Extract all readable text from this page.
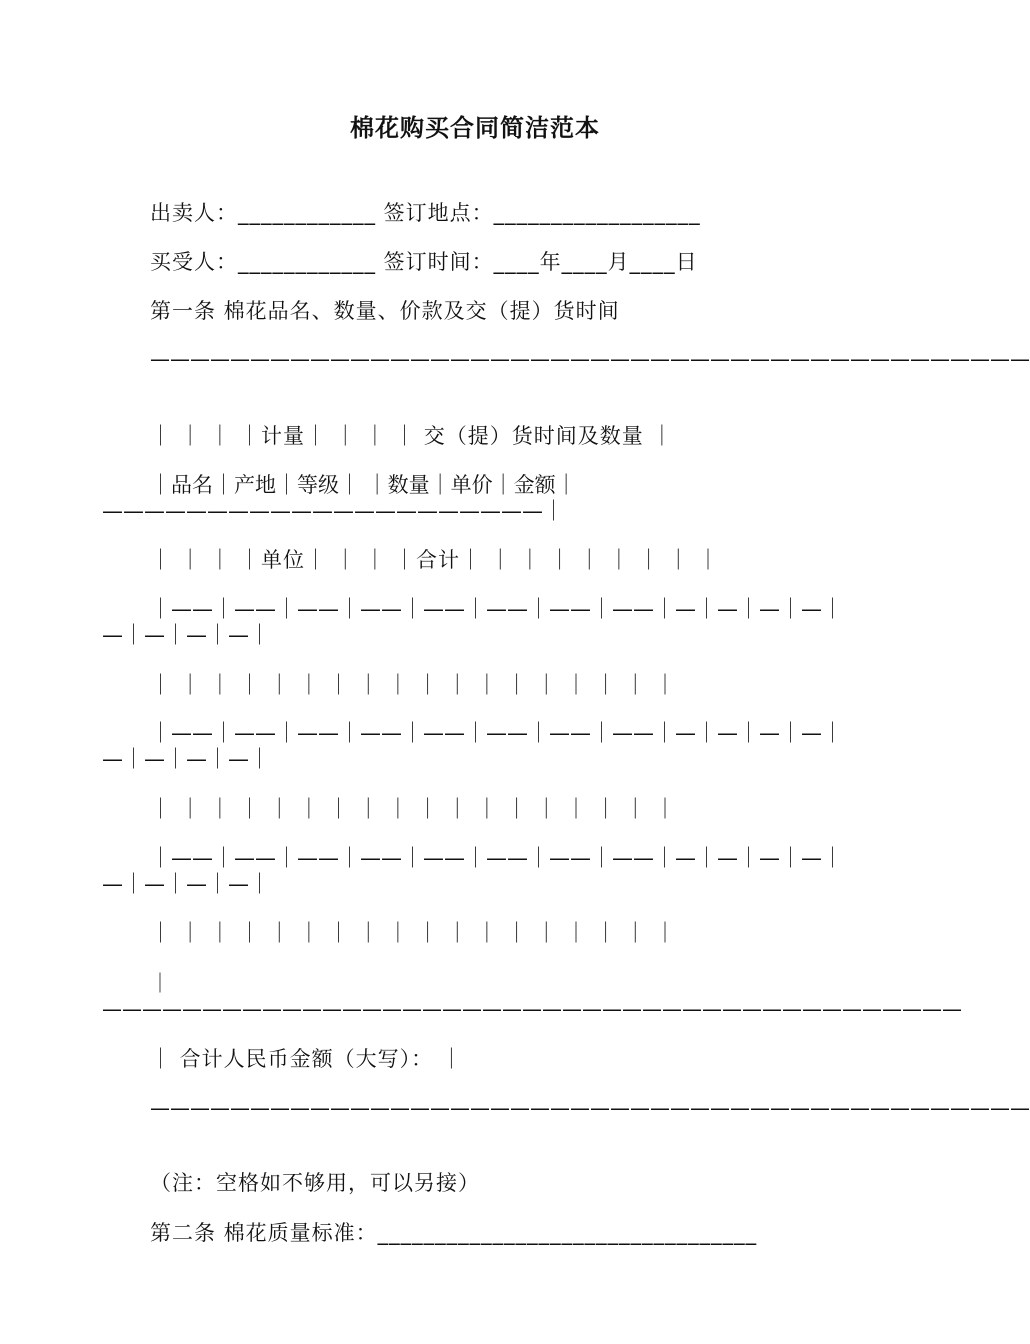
棉花购买合同简洁范本

出卖人：____________ 签订地点：__________________

买受人：____________ 签订时间：____年____月____日

第一条 棉花品名、数量、价款及交（提）货时间

————————————————————————————————————————————

｜ ｜ ｜ ｜计量｜ ｜ ｜ ｜ 交（提）货时间及数量 ｜

｜品名｜产地｜等级｜ ｜数量｜单价｜金额｜—————————————————————｜

｜ ｜ ｜ ｜单位｜ ｜ ｜ ｜合计｜ ｜ ｜ ｜ ｜ ｜ ｜ ｜ ｜

｜——｜——｜——｜——｜——｜——｜——｜——｜—｜—｜—｜—｜—｜—｜—｜—｜

｜ ｜ ｜ ｜ ｜ ｜ ｜ ｜ ｜ ｜ ｜ ｜ ｜ ｜ ｜ ｜ ｜ ｜

｜——｜——｜——｜——｜——｜——｜——｜——｜—｜—｜—｜—｜—｜—｜—｜—｜

｜ ｜ ｜ ｜ ｜ ｜ ｜ ｜ ｜ ｜ ｜ ｜ ｜ ｜ ｜ ｜ ｜ ｜

｜——｜——｜——｜——｜——｜——｜——｜——｜—｜—｜—｜—｜—｜—｜—｜—｜

｜ ｜ ｜ ｜ ｜ ｜ ｜ ｜ ｜ ｜ ｜ ｜ ｜ ｜ ｜ ｜ ｜ ｜

｜———————————————————————————————————————————

｜ 合计人民币金额（大写）： ｜

————————————————————————————————————————————

（注：空格如不够用，可以另接）

第二条 棉花质量标准：_________________________________
